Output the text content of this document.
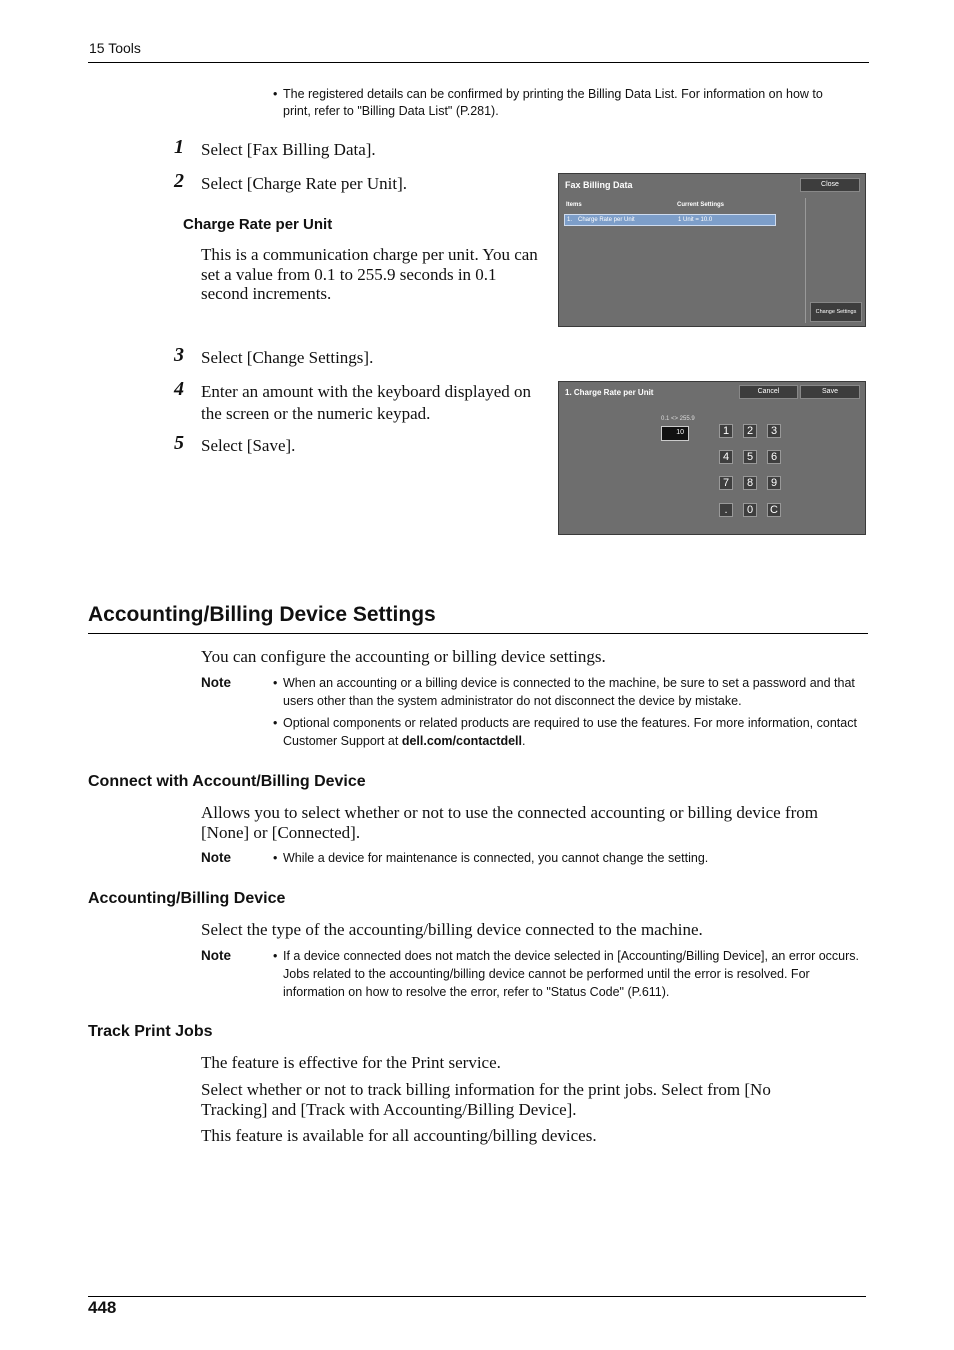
15 Tools
• The registered details can be confirmed by printing the Billing Data List. For information on how to print, refer to "Billing Data List" (P.281).
1 Select [Fax Billing Data].
2 Select [Charge Rate per Unit].
Charge Rate per Unit
This is a communication charge per unit. You can set a value from 0.1 to 255.9 seconds in 0.1 second increments.
Fax Billing Data	Close
Items	Current Settings
1. Charge Rate per Unit	1 Unit = 10.0
Change Settings
3 Select [Change Settings].
4 Enter an amount with the keyboard displayed on the screen or the numeric keypad.
5 Select [Save].
1. Charge Rate per Unit	Cancel	Save
0.1 <> 255.9
10	1	2	3
4	5	6
7	8	9
.	0	C
Accounting/Billing Device Settings
You can configure the accounting or billing device settings.
Note	• When an accounting or a billing device is connected to the machine, be sure to set a password and that users other than the system administrator do not disconnect the device by mistake.
• Optional components or related products are required to use the features. For more information, contact Customer Support at dell.com/contactdell.
Connect with Account/Billing Device
Allows you to select whether or not to use the connected accounting or billing device from [None] or [Connected].
Note	• While a device for maintenance is connected, you cannot change the setting.
Accounting/Billing Device
Select the type of the accounting/billing device connected to the machine.
Note	• If a device connected does not match the device selected in [Accounting/Billing Device], an error occurs. Jobs related to the accounting/billing device cannot be performed until the error is resolved. For information on how to resolve the error, refer to "Status Code" (P.611).
Track Print Jobs
The feature is effective for the Print service.
Select whether or not to track billing information for the print jobs. Select from [No Tracking] and [Track with Accounting/Billing Device].
This feature is available for all accounting/billing devices.
448
